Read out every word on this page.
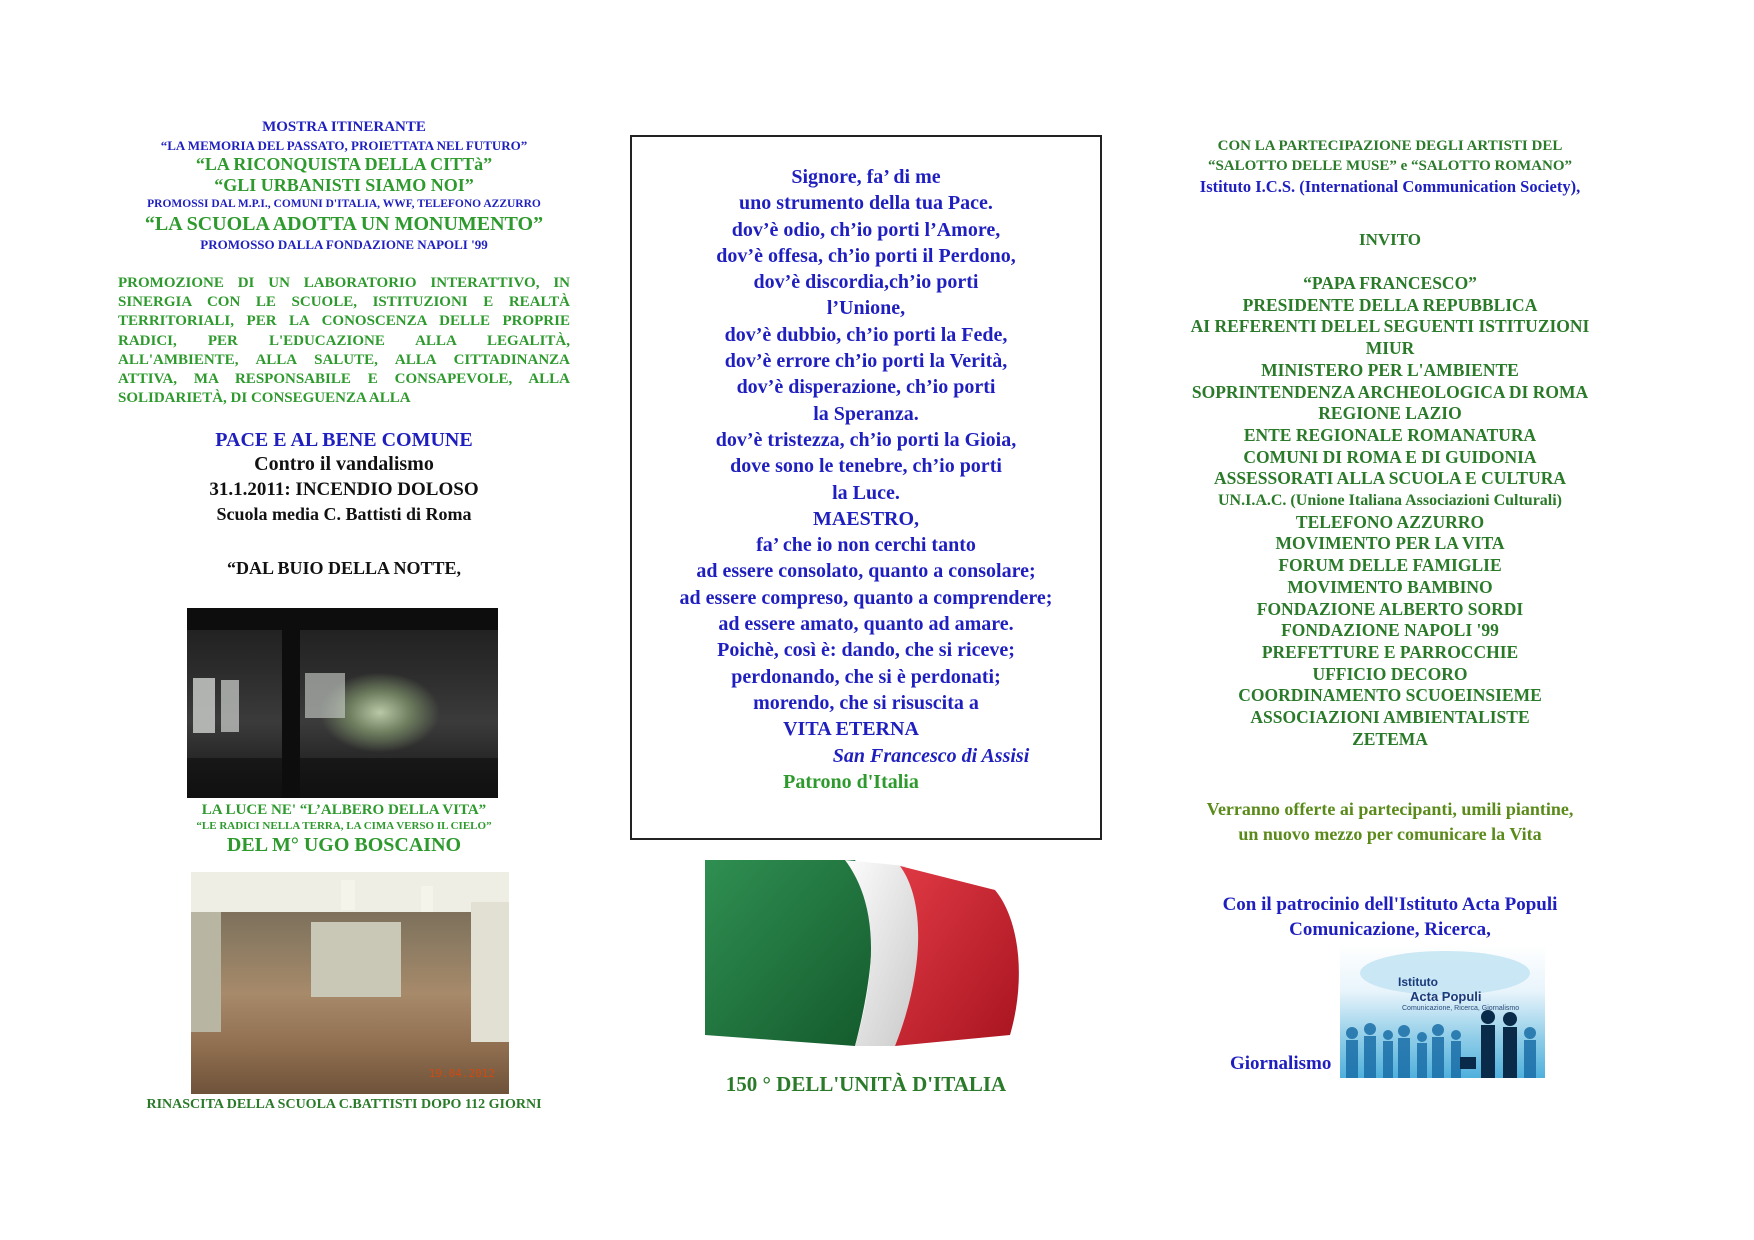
MOSTRA ITINERANTE
“LA MEMORIA DEL PASSATO, PROIETTATA NEL FUTURO”
“LA RICONQUISTA DELLA CITTà”
“GLI URBANISTI SIAMO NOI”
PROMOSSI DAL M.P.I., COMUNI D'ITALIA, WWF, TELEFONO AZZURRO
“LA SCUOLA ADOTTA UN MONUMENTO”
PROMOSSO DALLA FONDAZIONE NAPOLI '99
PROMOZIONE DI UN LABORATORIO INTERATTIVO, IN SINERGIA CON LE SCUOLE, ISTITUZIONI E REALTÀ TERRITORIALI, PER LA CONOSCENZA DELLE PROPRIE RADICI, PER L'EDUCAZIONE ALLA LEGALITÀ, ALL'AMBIENTE, ALLA SALUTE, ALLA CITTADINANZA ATTIVA, MA RESPONSABILE E CONSAPEVOLE, ALLA SOLIDARIETÀ, DI CONSEGUENZA ALLA
PACE E AL BENE COMUNE
Contro il vandalismo
31.1.2011: INCENDIO DOLOSO
Scuola media C. Battisti di Roma
“DAL BUIO DELLA NOTTE,
LA LUCE NE' “L’ALBERO DELLA VITA”
“LE RADICI NELLA TERRA, LA CIMA VERSO IL CIELO”
DEL M° UGO BOSCAINO
19.04.2012
RINASCITA DELLA SCUOLA C.BATTISTI DOPO 112 GIORNI
Signore, fa’ di me
uno strumento della tua Pace.
dov’è odio, ch’io porti l’Amore,
dov’è offesa, ch’io porti il Perdono,
dov’è discordia,ch’io porti
l’Unione,
dov’è dubbio, ch’io porti la Fede,
dov’è errore ch’io porti la Verità,
dov’è disperazione, ch’io porti
la Speranza.
dov’è tristezza, ch’io porti la Gioia,
dove sono le tenebre, ch’io porti
la Luce.
MAESTRO,
fa’ che io non cerchi tanto
ad essere consolato, quanto a consolare;
ad essere compreso, quanto a comprendere;
ad essere amato, quanto ad amare.
Poichè, così è: dando, che si riceve;
perdonando, che si è perdonati;
morendo, che si risuscita a
VITA ETERNA
San Francesco di Assisi
Patrono d'Italia
150 ° DELL'UNITÀ D'ITALIA
CON LA PARTECIPAZIONE DEGLI ARTISTI DEL
“SALOTTO DELLE MUSE” e “SALOTTO ROMANO”
Istituto I.C.S. (International Communication Society),
INVITO
“PAPA FRANCESCO”
PRESIDENTE DELLA REPUBBLICA
AI REFERENTI DELEL SEGUENTI ISTITUZIONI
MIUR
MINISTERO PER L'AMBIENTE
SOPRINTENDENZA ARCHEOLOGICA DI ROMA
REGIONE LAZIO
ENTE REGIONALE ROMANATURA
COMUNI DI ROMA E DI GUIDONIA
ASSESSORATI ALLA SCUOLA E CULTURA
UN.I.A.C. (Unione Italiana Associazioni Culturali)
TELEFONO AZZURRO
MOVIMENTO PER LA VITA
FORUM DELLE FAMIGLIE
MOVIMENTO BAMBINO
FONDAZIONE ALBERTO SORDI
FONDAZIONE NAPOLI '99
PREFETTURE E PARROCCHIE
UFFICIO DECORO
COORDINAMENTO SCUOEINSIEME
ASSOCIAZIONI AMBIENTALISTE
ZETEMA
Verranno offerte ai partecipanti, umili piantine,
un nuovo mezzo per comunicare la Vita
Con il patrocinio dell'Istituto Acta Populi
Comunicazione, Ricerca,
Giornalismo
Istituto
Acta Populi
Comunicazione, Ricerca, Giornalismo
